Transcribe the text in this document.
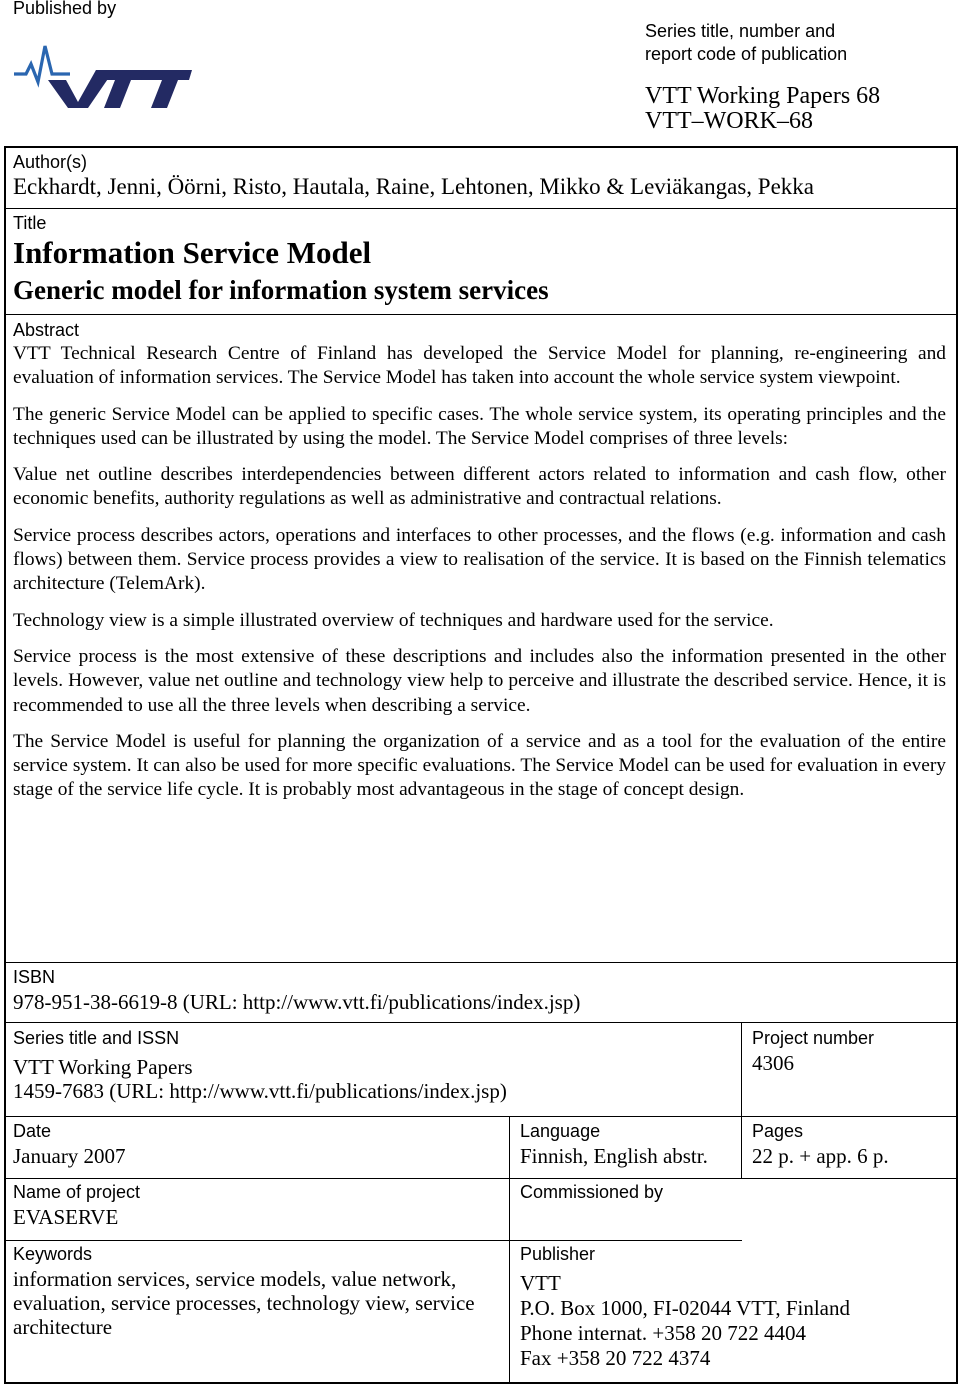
Published by
Series title, number and
report code of publication
VTT Working Papers 68
VTT–WORK–68
Author(s)
Eckhardt, Jenni, Öörni, Risto, Hautala, Raine, Lehtonen, Mikko & Leviäkangas, Pekka
Title
Information Service Model
Generic model for information system services
Abstract

VTT Technical Research Centre of Finland has developed the Service Model for planning, re-engineering and evaluation of information services. The Service Model has taken into account the whole service system viewpoint.

The generic Service Model can be applied to specific cases. The whole service system, its operating principles and the techniques used can be illustrated by using the model. The Service Model comprises of three levels:

Value net outline describes interdependencies between different actors related to information and cash flow, other economic benefits, authority regulations as well as administrative and contractual relations.

Service process describes actors, operations and interfaces to other processes, and the flows (e.g. information and cash flows) between them. Service process provides a view to realisation of the service. It is based on the Finnish telematics architecture (TelemArk).

Technology view is a simple illustrated overview of techniques and hardware used for the service.

Service process is the most extensive of these descriptions and includes also the information presented in the other levels. However, value net outline and technology view help to perceive and illustrate the described service. Hence, it is recommended to use all the three levels when describing a service.

The Service Model is useful for planning the organization of a service and as a tool for the evaluation of the entire service system. It can also be used for more specific evaluations. The Service Model can be used for evaluation in every stage of the service life cycle. It is probably most advantageous in the stage of concept design.

ISBN
978-951-38-6619-8 (URL: http://www.vtt.fi/publications/index.jsp)
Series title and ISSN
VTT Working Papers
1459-7683 (URL: http://www.vtt.fi/publications/index.jsp)
Project number
4306
Date
January 2007
Language
Finnish, English abstr.
Pages
22 p. + app. 6 p.
Name of project
EVASERVE
Commissioned by
Keywords
information services, service models, value network, evaluation, service processes, technology view, service architecture
Publisher
VTT
P.O. Box 1000, FI-02044 VTT, Finland
Phone internat. +358 20 722 4404
Fax +358 20 722 4374
